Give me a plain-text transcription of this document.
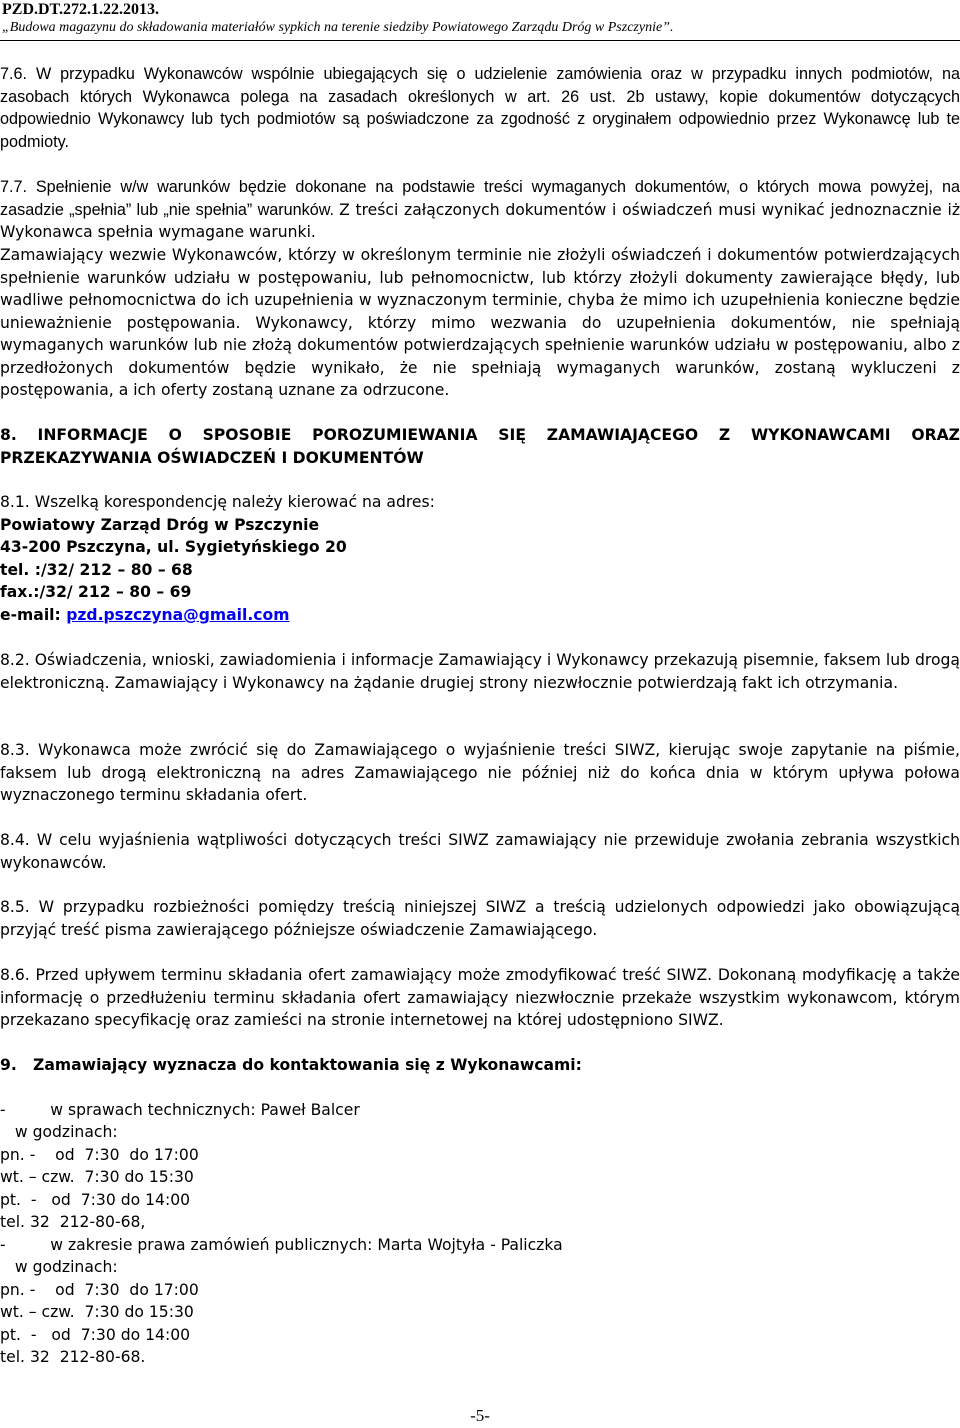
PZD.DT.272.1.22.2013.
„Budowa magazynu do składowania materiałów sypkich na terenie siedziby Powiatowego Zarządu Dróg w Pszczynie”.

7.6. W przypadku Wykonawców wspólnie ubiegających się o udzielenie zamówienia oraz w przypadku innych podmiotów, na zasobach których Wykonawca polega na zasadach określonych w art. 26 ust. 2b ustawy, kopie dokumentów dotyczących odpowiednio Wykonawcy lub tych podmiotów są poświadczone za zgodność z oryginałem odpowiednio przez Wykonawcę lub te podmioty.

7.7. Spełnienie w/w warunków będzie dokonane na podstawie treści wymaganych dokumentów, o których mowa powyżej, na zasadzie „spełnia” lub „nie spełnia” warunków. Z treści załączonych dokumentów i oświadczeń musi wynikać jednoznacznie iż Wykonawca spełnia wymagane warunki.

Zamawiający wezwie Wykonawców, którzy w określonym terminie nie złożyli oświadczeń i dokumentów potwierdzających spełnienie warunków udziału w postępowaniu, lub pełnomocnictw, lub którzy złożyli dokumenty zawierające błędy, lub wadliwe pełnomocnictwa do ich uzupełnienia w wyznaczonym terminie, chyba że mimo ich uzupełnienia konieczne będzie unieważnienie postępowania. Wykonawcy, którzy mimo wezwania do uzupełnienia dokumentów, nie spełniają wymaganych warunków lub nie złożą dokumentów potwierdzających spełnienie warunków udziału w postępowaniu, albo z przedłożonych dokumentów będzie wynikało, że nie spełniają wymaganych warunków, zostaną wykluczeni z postępowania, a ich oferty zostaną uznane za odrzucone.

8. INFORMACJE O SPOSOBIE POROZUMIEWANIA SIĘ ZAMAWIAJĄCEGO Z WYKONAWCAMI ORAZ PRZEKAZYWANIA OŚWIADCZEŃ I DOKUMENTÓW

8.1. Wszelką korespondencję należy kierować na adres:
Powiatowy Zarząd Dróg w Pszczynie
43-200 Pszczyna, ul. Sygietyńskiego 20
tel. :/32/ 212 – 80 – 68
fax.:/32/ 212 – 80 – 69
e-mail: pzd.pszczyna@gmail.com

8.2. Oświadczenia, wnioski, zawiadomienia i informacje Zamawiający i Wykonawcy przekazują pisemnie, faksem lub drogą elektroniczną. Zamawiający i Wykonawcy na żądanie drugiej strony niezwłocznie potwierdzają fakt ich otrzymania.

8.3. Wykonawca może zwrócić się do Zamawiającego o wyjaśnienie treści SIWZ, kierując swoje zapytanie na piśmie, faksem lub drogą elektroniczną na adres Zamawiającego nie później niż do końca dnia w którym upływa połowa wyznaczonego terminu składania ofert.

8.4. W celu wyjaśnienia wątpliwości dotyczących treści SIWZ zamawiający nie przewiduje zwołania zebrania wszystkich wykonawców.

8.5. W przypadku rozbieżności pomiędzy treścią niniejszej SIWZ a treścią udzielonych odpowiedzi jako obowiązującą przyjąć treść pisma zawierającego późniejsze oświadczenie Zamawiającego.

8.6. Przed upływem terminu składania ofert zamawiający może zmodyfikować treść SIWZ. Dokonaną modyfikację a także informację o przedłużeniu terminu składania ofert zamawiający niezwłocznie przekaże wszystkim wykonawcom, którym przekazano specyfikację oraz zamieści na stronie internetowej na której udostępniono SIWZ.

9.   Zamawiający wyznacza do kontaktowania się z Wykonawcami:
-         w sprawach technicznych: Paweł Balcer
w godzinach:
pn. -    od  7:30  do 17:00
wt. – czw.  7:30 do 15:30
pt.  -   od  7:30 do 14:00
tel. 32  212-80-68,
-         w zakresie prawa zamówień publicznych: Marta Wojtyła - Paliczka
w godzinach:
pn. -    od  7:30  do 17:00
wt. – czw.  7:30 do 15:30
pt.  -   od  7:30 do 14:00
tel. 32  212-80-68.
-5-
